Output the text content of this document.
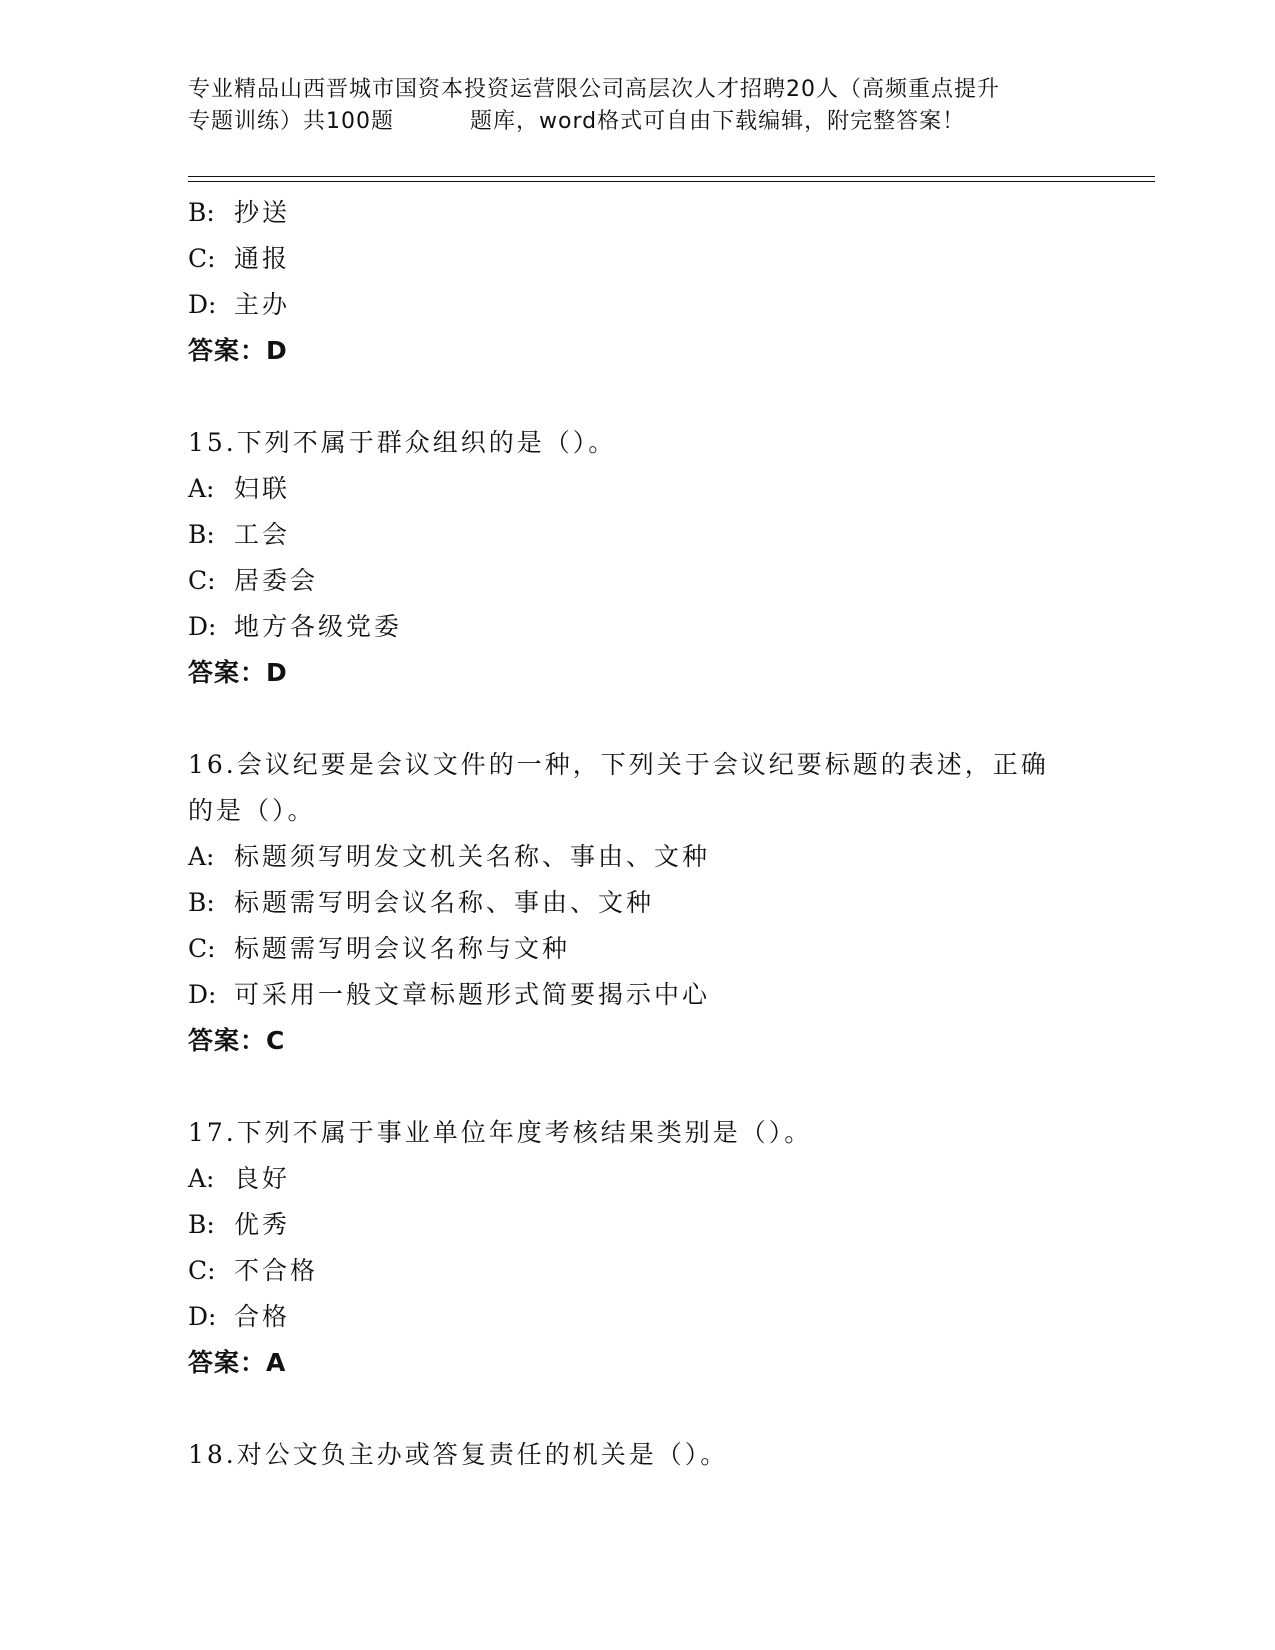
专业精品山西晋城市国资本投资运营限公司高层次人才招聘20人（高频重点提升
专题训练）共100题	题库，word格式可自由下载编辑，附完整答案！
B: 抄送
C: 通报
D: 主办
答案：D
15.下列不属于群众组织的是（）。
A: 妇联
B: 工会
C: 居委会
D: 地方各级党委
答案：D
16.会议纪要是会议文件的一种，下列关于会议纪要标题的表述，正确
的是（）。
A: 标题须写明发文机关名称、事由、文种
B: 标题需写明会议名称、事由、文种
C: 标题需写明会议名称与文种
D: 可采用一般文章标题形式简要揭示中心
答案：C
17.下列不属于事业单位年度考核结果类别是（）。
A: 良好
B: 优秀
C: 不合格
D: 合格
答案：A
18.对公文负主办或答复责任的机关是（）。
